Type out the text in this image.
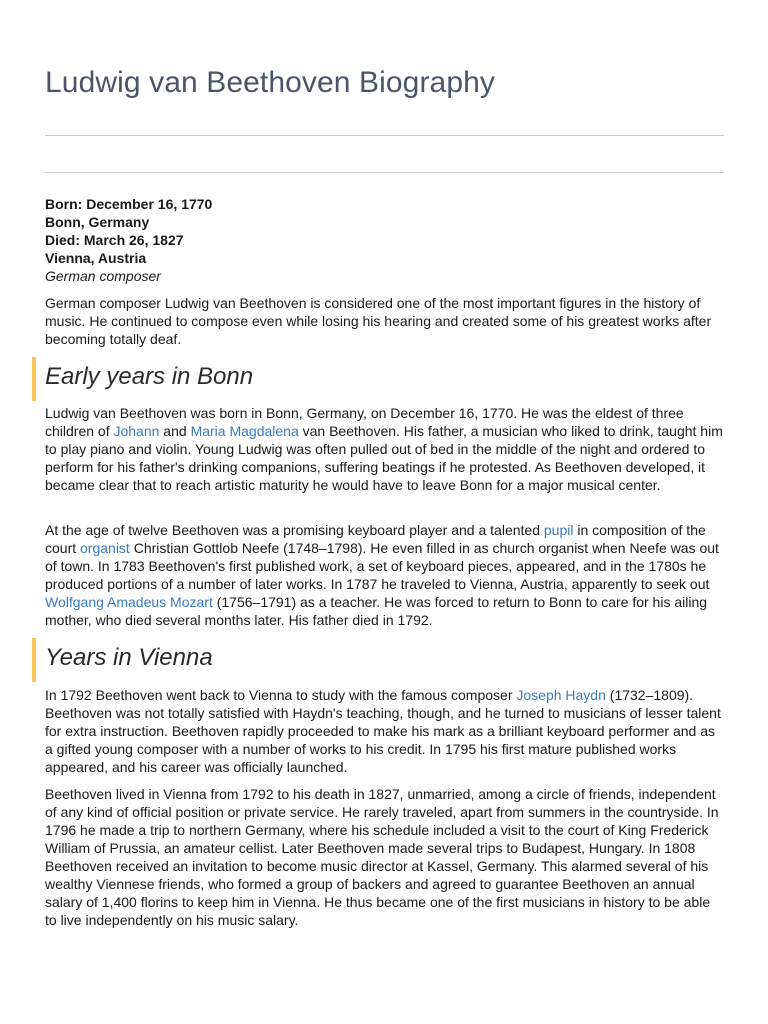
Ludwig van Beethoven Biography
Born: December 16, 1770
Bonn, Germany
Died: March 26, 1827
Vienna, Austria
German composer

German composer Ludwig van Beethoven is considered one of the most important figures in the history of music. He continued to compose even while losing his hearing and created some of his greatest works after becoming totally deaf.

Early years in Bonn

Ludwig van Beethoven was born in Bonn, Germany, on December 16, 1770. He was the eldest of three children of Johann and Maria Magdalena van Beethoven. His father, a musician who liked to drink, taught him to play piano and violin. Young Ludwig was often pulled out of bed in the middle of the night and ordered to perform for his father's drinking companions, suffering beatings if he protested. As Beethoven developed, it became clear that to reach artistic maturity he would have to leave Bonn for a major musical center.

At the age of twelve Beethoven was a promising keyboard player and a talented pupil in composition of the court organist Christian Gottlob Neefe (1748–1798). He even filled in as church organist when Neefe was out of town. In 1783 Beethoven's first published work, a set of keyboard pieces, appeared, and in the 1780s he produced portions of a number of later works. In 1787 he traveled to Vienna, Austria, apparently to seek out Wolfgang Amadeus Mozart (1756–1791) as a teacher. He was forced to return to Bonn to care for his ailing mother, who died several months later. His father died in 1792.

Years in Vienna

In 1792 Beethoven went back to Vienna to study with the famous composer Joseph Haydn (1732–1809). Beethoven was not totally satisfied with Haydn's teaching, though, and he turned to musicians of lesser talent for extra instruction. Beethoven rapidly proceeded to make his mark as a brilliant keyboard performer and as a gifted young composer with a number of works to his credit. In 1795 his first mature published works appeared, and his career was officially launched.

Beethoven lived in Vienna from 1792 to his death in 1827, unmarried, among a circle of friends, independent of any kind of official position or private service. He rarely traveled, apart from summers in the countryside. In 1796 he made a trip to northern Germany, where his schedule included a visit to the court of King Frederick William of Prussia, an amateur cellist. Later Beethoven made several trips to Budapest, Hungary. In 1808 Beethoven received an invitation to become music director at Kassel, Germany. This alarmed several of his wealthy Viennese friends, who formed a group of backers and agreed to guarantee Beethoven an annual salary of 1,400 florins to keep him in Vienna. He thus became one of the first musicians in history to be able to live independently on his music salary.
